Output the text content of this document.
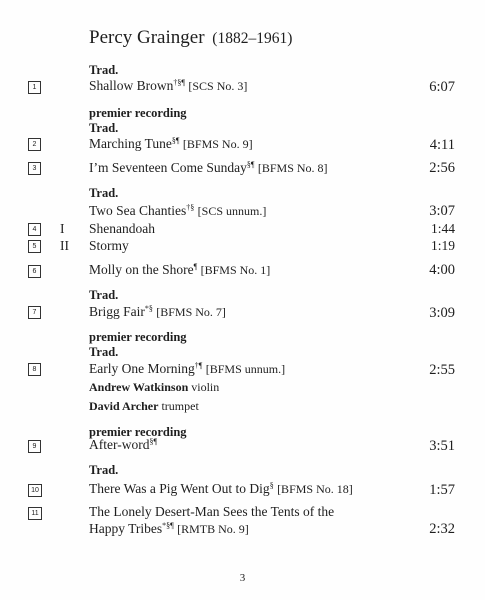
Percy Grainger (1882–1961)
Trad.
1	Shallow Brown†§¶ [SCS No. 3]	6:07
premier recording
Trad.
2	Marching Tune§¶ [BFMS No. 9]	4:11
3	I’m Seventeen Come Sunday§¶ [BFMS No. 8]	2:56
Trad.
Two Sea Chanties†§ [SCS unnum.]	3:07
4	I Shenandoah	1:44
5	II Stormy	1:19
6	Molly on the Shore¶ [BFMS No. 1]	4:00
Trad.
7	Brigg Fair*§ [BFMS No. 7]	3:09
premier recording
Trad.
8	Early One Morning†¶ [BFMS unnum.]	2:55
Andrew Watkinson violin
David Archer trumpet
premier recording
9	After-word§¶	3:51
Trad.
10	There Was a Pig Went Out to Dig§ [BFMS No. 18]	1:57
11	The Lonely Desert-Man Sees the Tents of the
Happy Tribes*§¶ [RMTB No. 9]	2:32
3
